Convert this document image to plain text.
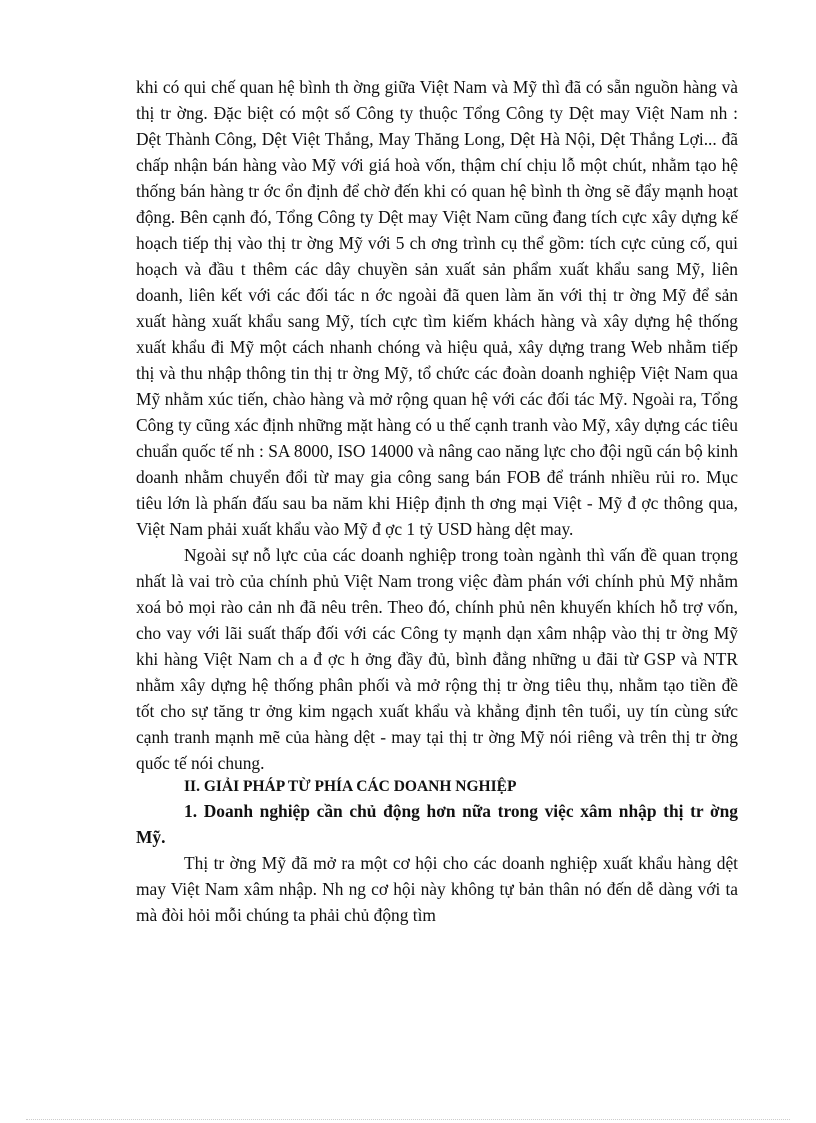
khi có qui chế quan hệ bình th ờng giữa Việt Nam và Mỹ thì đã có sẵn nguồn hàng và thị tr ờng. Đặc biệt có một số Công ty thuộc Tổng Công ty Dệt may Việt Nam nh : Dệt Thành Công, Dệt Việt Thắng, May Thăng Long, Dệt Hà Nội, Dệt Thắng Lợi... đã chấp nhận bán hàng vào Mỹ với giá hoà vốn, thậm chí chịu lỗ một chút, nhằm tạo hệ thống bán hàng tr ớc ổn định để chờ đến khi có quan hệ bình th ờng sẽ đẩy mạnh hoạt động. Bên cạnh đó, Tổng Công ty Dệt may Việt Nam cũng đang tích cực xây dựng kế hoạch tiếp thị vào thị tr ờng Mỹ với 5 ch ơng trình cụ thể gồm: tích cực củng cố, qui hoạch và đầu t thêm các dây chuyền sản xuất sản phẩm xuất khẩu sang Mỹ, liên doanh, liên kết với các đối tác n ớc ngoài đã quen làm ăn với thị tr ờng Mỹ để sản xuất hàng xuất khẩu sang Mỹ, tích cực tìm kiếm khách hàng và xây dựng hệ thống xuất khẩu đi Mỹ một cách nhanh chóng và hiệu quả, xây dựng trang Web nhằm tiếp thị và thu nhập thông tin thị tr ờng Mỹ, tổ chức các đoàn doanh nghiệp Việt Nam qua Mỹ nhằm xúc tiến, chào hàng và mở rộng quan hệ với các đối tác Mỹ. Ngoài ra, Tổng Công ty cũng xác định những mặt hàng có u thế cạnh tranh vào Mỹ, xây dựng các tiêu chuẩn quốc tế nh : SA 8000, ISO 14000 và nâng cao năng lực cho đội ngũ cán bộ kinh doanh nhằm chuyển đổi từ may gia công sang bán FOB để tránh nhiều rủi ro. Mục tiêu lớn là phấn đấu sau ba năm khi Hiệp định th ơng mại Việt - Mỹ đ ợc thông qua, Việt Nam phải xuất khẩu vào Mỹ đ ợc 1 tỷ USD hàng dệt may.

Ngoài sự nỗ lực của các doanh nghiệp trong toàn ngành thì vấn đề quan trọng nhất là vai trò của chính phủ Việt Nam trong việc đàm phán với chính phủ Mỹ nhằm xoá bỏ mọi rào cản nh đã nêu trên. Theo đó, chính phủ nên khuyến khích hỗ trợ vốn, cho vay với lãi suất thấp đối với các Công ty mạnh dạn xâm nhập vào thị tr ờng Mỹ khi hàng Việt Nam ch a đ ợc h ởng đầy đủ, bình đẳng những u đãi từ GSP và NTR nhằm xây dựng hệ thống phân phối và mở rộng thị tr ờng tiêu thụ, nhằm tạo tiền đề tốt cho sự tăng tr ởng kim ngạch xuất khẩu và khẳng định tên tuổi, uy tín cùng sức cạnh tranh mạnh mẽ của hàng dệt - may tại thị tr ờng Mỹ nói riêng và trên thị tr ờng quốc tế nói chung.

II. GIẢI PHÁP TỪ PHÍA CÁC DOANH NGHIỆP

1. Doanh nghiệp cần chủ động hơn nữa trong việc xâm nhập thị tr ờng Mỹ.

Thị tr ờng Mỹ đã mở ra một cơ hội cho các doanh nghiệp xuất khẩu hàng dệt may Việt Nam xâm nhập. Nh ng cơ hội này không tự bản thân nó đến dễ dàng với ta mà đòi hỏi mỗi chúng ta phải chủ động tìm
